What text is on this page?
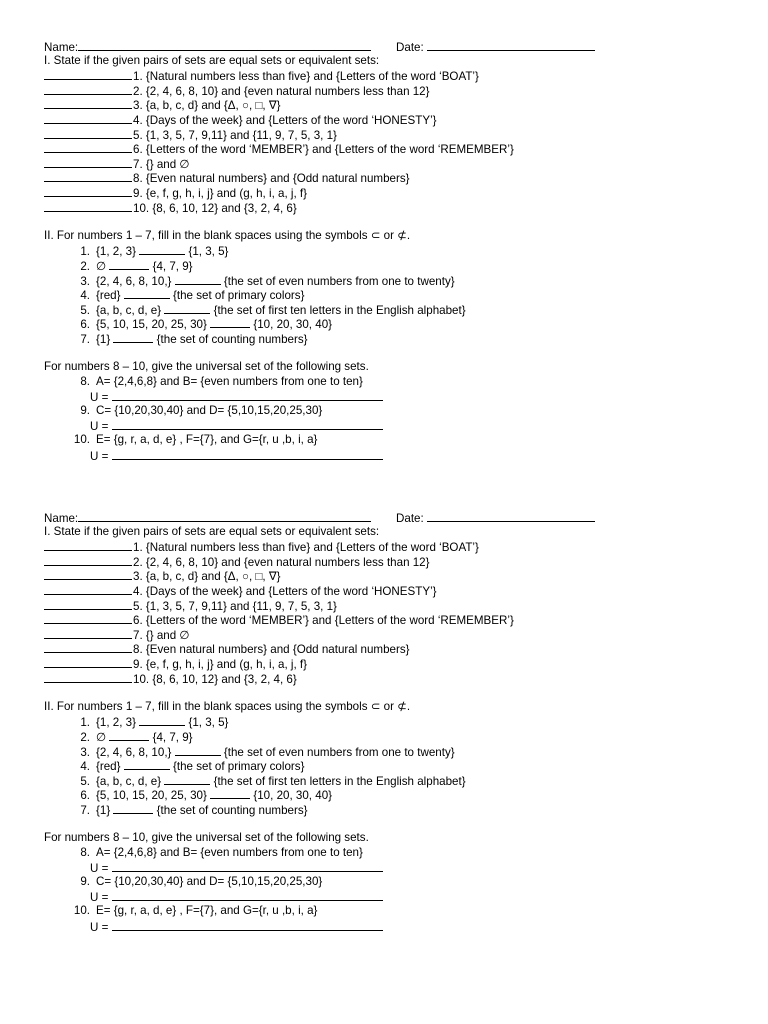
Name:	Date:
I. State if the given pairs of sets are equal sets or equivalent sets:
1. {Natural numbers less than five} and {Letters of the word ‘BOAT’}
2. {2, 4, 6, 8, 10} and {even natural numbers less than 12}
3. {a, b, c, d} and {Δ, ○, □, ∇}
4. {Days of the week} and {Letters of the word ‘HONESTY’}
5. {1, 3, 5, 7, 9,11} and {11, 9, 7, 5, 3, 1}
6. {Letters of the word ‘MEMBER’} and {Letters of the word ‘REMEMBER’}
7. {} and ∅
8. {Even natural numbers} and {Odd natural numbers}
9. {e, f, g, h, i, j} and (g, h, i, a, j, f}
10. {8, 6, 10, 12} and {3, 2, 4, 6}
II. For numbers 1 – 7, fill in the blank spaces using the symbols ⊂ or ⊄.
1. {1, 2, 3}	{1, 3, 5}
2. ∅	{4, 7, 9}
3. {2, 4, 6, 8, 10,}	{the set of even numbers from one to twenty}
4. {red}	{the set of primary colors}
5. {a, b, c, d, e}	{the set of first ten letters in the English alphabet}
6. {5, 10, 15, 20, 25, 30}	{10, 20, 30, 40}
7. {1}	{the set of counting numbers}
For numbers 8 – 10, give the universal set of the following sets.
8. A= {2,4,6,8} and B= {even numbers from one to ten}
U =
9. C= {10,20,30,40} and D= {5,10,15,20,25,30}
U =
10. E= {g, r, a, d, e} , F={7}, and G={r, u ,b, i, a}
U =
Name:	Date:
I. State if the given pairs of sets are equal sets or equivalent sets:
1. {Natural numbers less than five} and {Letters of the word ‘BOAT’}
2. {2, 4, 6, 8, 10} and {even natural numbers less than 12}
3. {a, b, c, d} and {Δ, ○, □, ∇}
4. {Days of the week} and {Letters of the word ‘HONESTY’}
5. {1, 3, 5, 7, 9,11} and {11, 9, 7, 5, 3, 1}
6. {Letters of the word ‘MEMBER’} and {Letters of the word ‘REMEMBER’}
7. {} and ∅
8. {Even natural numbers} and {Odd natural numbers}
9. {e, f, g, h, i, j} and (g, h, i, a, j, f}
10. {8, 6, 10, 12} and {3, 2, 4, 6}
II. For numbers 1 – 7, fill in the blank spaces using the symbols ⊂ or ⊄.
1. {1, 2, 3}	{1, 3, 5}
2. ∅	{4, 7, 9}
3. {2, 4, 6, 8, 10,}	{the set of even numbers from one to twenty}
4. {red}	{the set of primary colors}
5. {a, b, c, d, e}	{the set of first ten letters in the English alphabet}
6. {5, 10, 15, 20, 25, 30}	{10, 20, 30, 40}
7. {1}	{the set of counting numbers}
For numbers 8 – 10, give the universal set of the following sets.
8. A= {2,4,6,8} and B= {even numbers from one to ten}
U =
9. C= {10,20,30,40} and D= {5,10,15,20,25,30}
U =
10. E= {g, r, a, d, e} , F={7}, and G={r, u ,b, i, a}
U =
